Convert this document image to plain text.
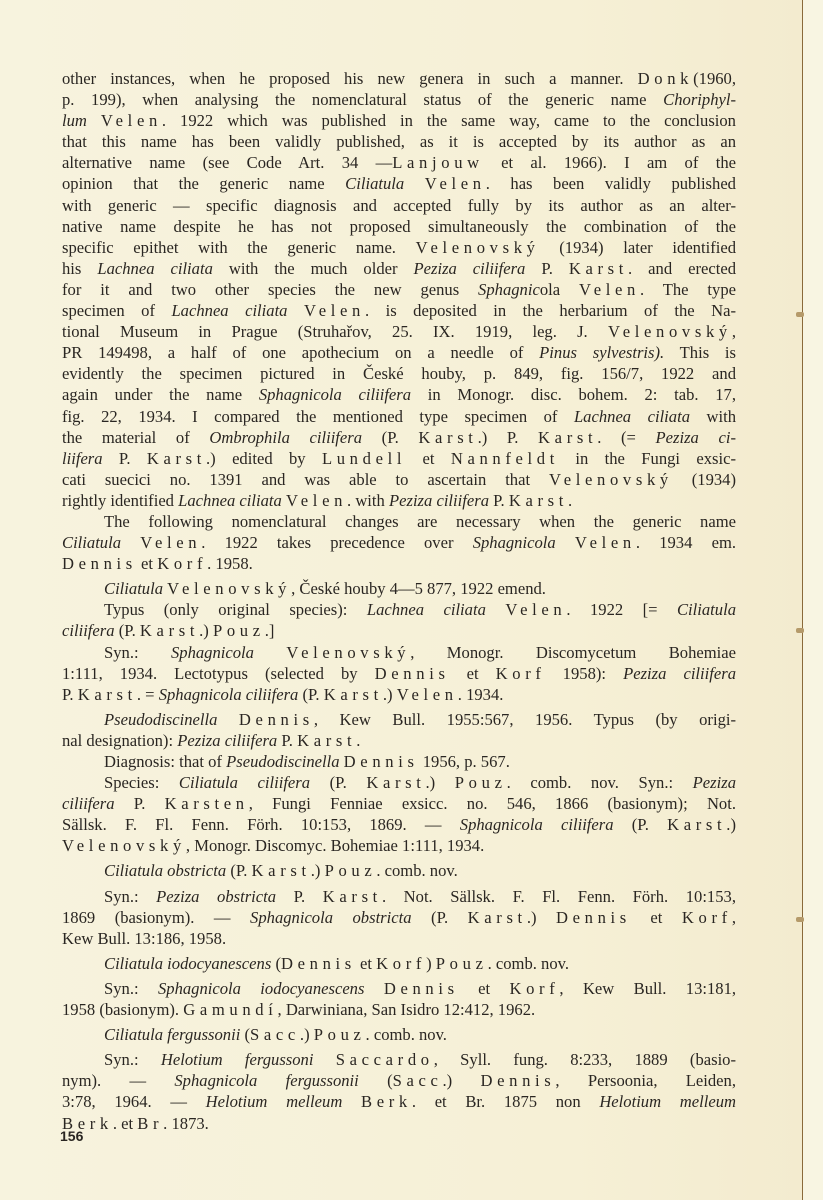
other instances, when he proposed his new genera in such a manner. Donk(1960,
p. 199), when analysing the nomenclatural status of the generic name Choriphyl-
lum Velen. 1922 which was published in the same way, came to the conclusion
that this name has been validly published, as it is accepted by its author as an
alternative name (see Code Art. 34 —Lanjouw et al. 1966). I am of the
opinion that the generic name Ciliatula Velen. has been validly published
with generic — specific diagnosis and accepted fully by its author as an alter-
native name despite he has not proposed simultaneously the combination of the
specific epithet with the generic name. Velenovský (1934) later identified
his Lachnea ciliata with the much older Peziza ciliifera P. Karst. and erected
for it and two other species the new genus Sphagnicola Velen. The type
specimen of Lachnea ciliata Velen. is deposited in the herbarium of the Na-
tional Museum in Prague (Struhařov, 25. IX. 1919, leg. J. Velenovský,
PR 149498, a half of one apothecium on a needle of Pinus sylvestris). This is
evidently the specimen pictured in České houby, p. 849, fig. 156/7, 1922 and
again under the name Sphagnicola ciliifera in Monogr. disc. bohem. 2: tab. 17,
fig. 22, 1934. I compared the mentioned type specimen of Lachnea ciliata with
the material of Ombrophila ciliifera (P. Karst.) P. Karst. (= Peziza ci-
liifera P. Karst.) edited by Lundell et Nannfeldt in the Fungi exsic-
cati suecici no. 1391 and was able to ascertain that Velenovský (1934)
rightly identified Lachnea ciliata Velen. with Peziza ciliifera P. Karst.
The following nomenclatural changes are necessary when the generic name
Ciliatula Velen. 1922 takes precedence over Sphagnicola Velen. 1934 em.
Dennis et Korf. 1958.
Ciliatula Velenovský, České houby 4—5 877, 1922 emend.
Typus (only original species): Lachnea ciliata Velen. 1922 [= Ciliatula
ciliifera (P. Karst.) Pouz.]
Syn.: Sphagnicola Velenovský, Monogr. Discomycetum Bohemiae
1:111, 1934. Lectotypus (selected by Dennis et Korf 1958): Peziza ciliifera
P. Karst. = Sphagnicola ciliifera (P. Karst.) Velen. 1934.
Pseudodiscinella Dennis, Kew Bull. 1955:567, 1956. Typus (by origi-
nal designation): Peziza ciliifera P. Karst.
Diagnosis: that of Pseudodiscinella Dennis 1956, p. 567.
Species: Ciliatula ciliifera (P. Karst.) Pouz. comb. nov. Syn.: Peziza
ciliifera P. Karsten, Fungi Fenniae exsicc. no. 546, 1866 (basionym); Not.
Sällsk. F. Fl. Fenn. Förh. 10:153, 1869. — Sphagnicola ciliifera (P. Karst.)
Velenovský, Monogr. Discomyc. Bohemiae 1:111, 1934.
Ciliatula obstricta (P. Karst.) Pouz. comb. nov.
Syn.: Peziza obstricta P. Karst. Not. Sällsk. F. Fl. Fenn. Förh. 10:153,
1869 (basionym). — Sphagnicola obstricta (P. Karst.) Dennis et Korf,
Kew Bull. 13:186, 1958.
Ciliatula iodocyanescens (Dennis et Korf) Pouz. comb. nov.
Syn.: Sphagnicola iodocyanescens Dennis et Korf, Kew Bull. 13:181,
1958 (basionym). Gamundí, Darwiniana, San Isidro 12:412, 1962.
Ciliatula fergussonii (Sacc.) Pouz. comb. nov.
Syn.: Helotium fergussoni Saccardo, Syll. fung. 8:233, 1889 (basio-
nym). — Sphagnicola fergussonii (Sacc.) Dennis, Persoonia, Leiden,
3:78, 1964. — Helotium melleum Berk. et Br. 1875 non Helotium melleum
Berk. et Br. 1873.
156
